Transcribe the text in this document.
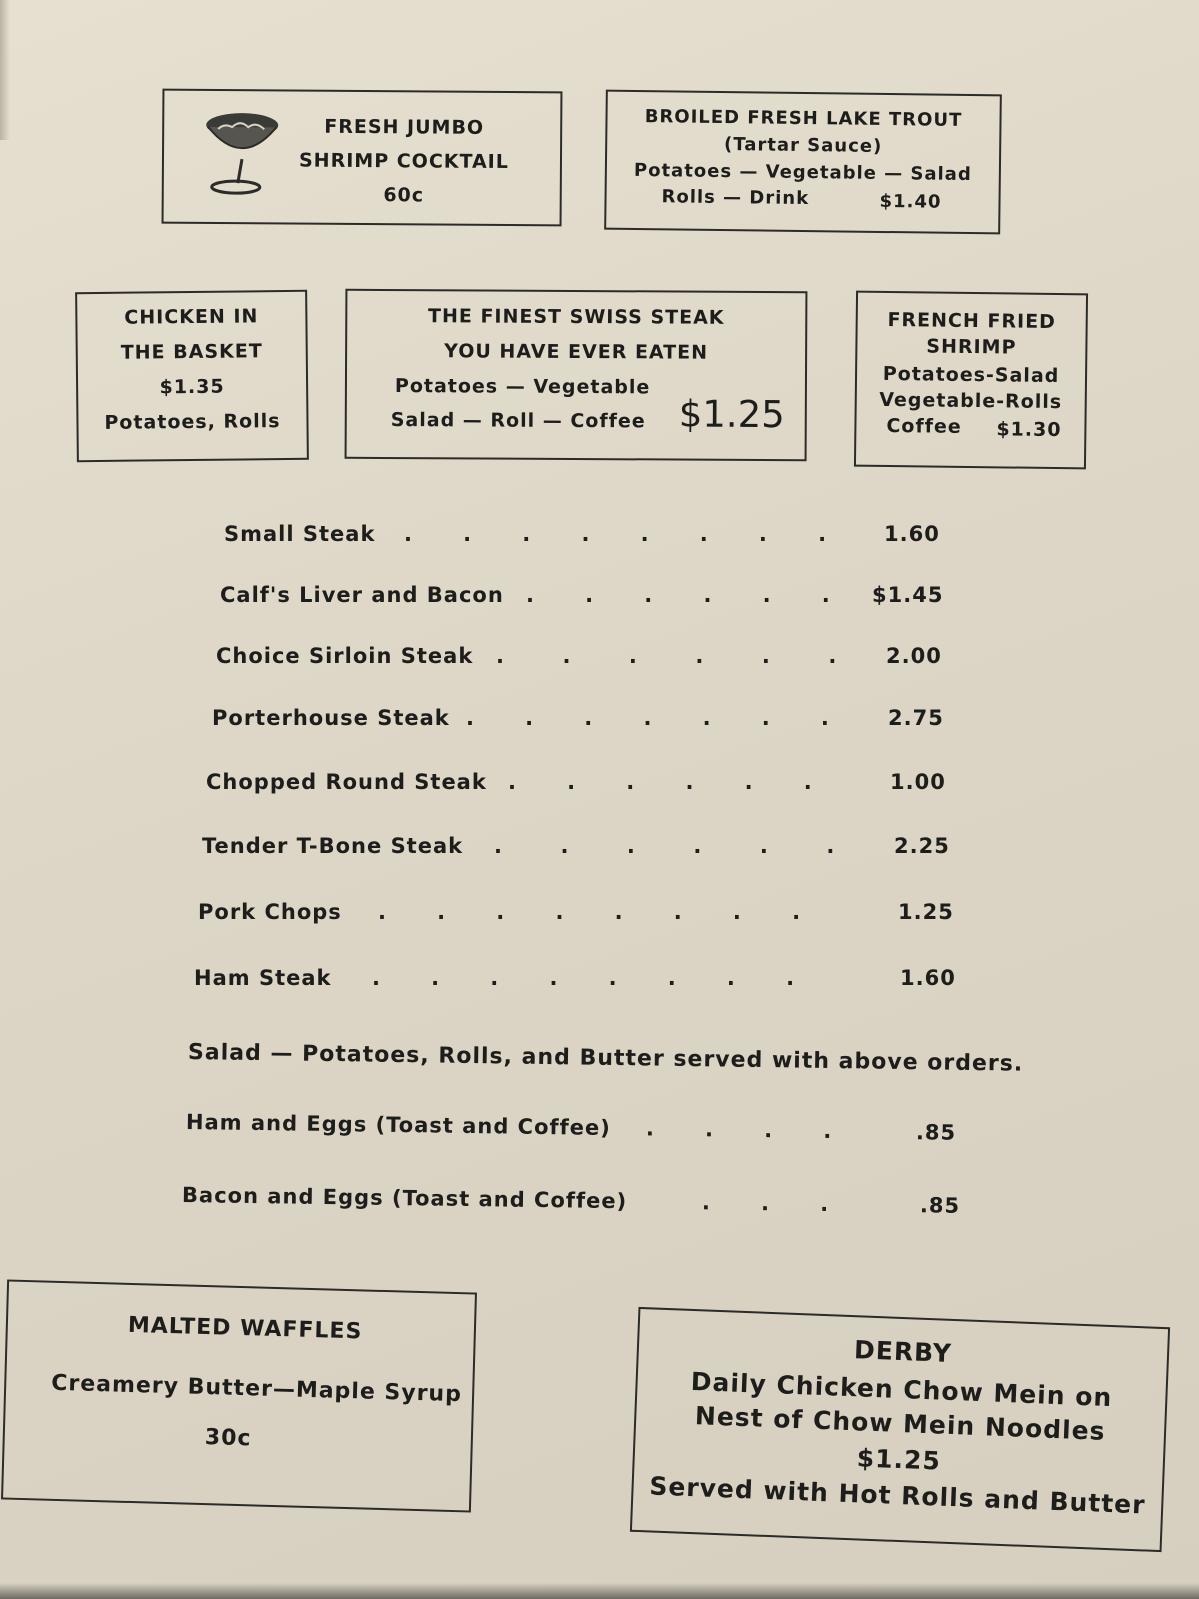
FRESH JUMBO
SHRIMP COCKTAIL
60c
BROILED FRESH LAKE TROUT
(Tartar Sauce)
Potatoes — Vegetable — Salad
Rolls — Drink	$1.40
CHICKEN IN
THE BASKET
$1.35
Potatoes, Rolls
THE FINEST SWISS STEAK
YOU HAVE EVER EATEN
Potatoes — Vegetable
Salad — Roll — Coffee $1.25
FRENCH FRIED
SHRIMP
Potatoes-Salad
Vegetable-Rolls
Coffee $1.30
Small Steak .       .       .       .       .       .       .       .	1.60
Calf's Liver and Bacon .       .       .       .       .       . $1.45
Choice Sirloin Steak .        .        .        .        .        . 2.00
Porterhouse Steak .       .       .       .       .       .       .	2.75
Chopped Round Steak .       .       .       .       .       .	1.00
Tender T-Bone Steak .        .        .        .        .        .	2.25
Pork Chops .       .       .       .       .       .       .       .	1.25
Ham Steak .       .       .       .       .       .       .       .	1.60
Salad — Potatoes, Rolls, and Butter served with above orders.
Ham and Eggs (Toast and Coffee) .       .       .       .	.85
Bacon and Eggs (Toast and Coffee)	.       .       .	.85
MALTED WAFFLES
Creamery Butter—Maple Syrup
30c
DERBY
Daily Chicken Chow Mein on
Nest of Chow Mein Noodles
$1.25
Served with Hot Rolls and Butter
